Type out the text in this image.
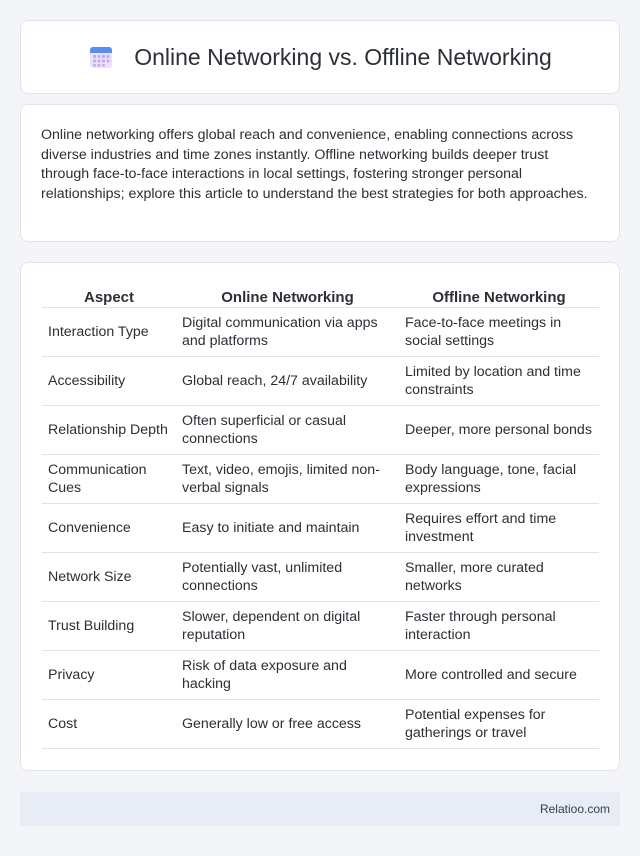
Online Networking vs. Offline Networking

Online networking offers global reach and convenience, enabling connections across diverse industries and time zones instantly. Offline networking builds deeper trust through face-to-face interactions in local settings, fostering stronger personal relationships; explore this article to understand the best strategies for both approaches.

Aspect	Online Networking	Offline Networking
Interaction Type	Digital communication via apps and platforms	Face-to-face meetings in social settings
Accessibility	Global reach, 24/7 availability	Limited by location and time constraints
Relationship Depth	Often superficial or casual connections	Deeper, more personal bonds
Communication Cues	Text, video, emojis, limited non-verbal signals	Body language, tone, facial expressions
Convenience	Easy to initiate and maintain	Requires effort and time investment
Network Size	Potentially vast, unlimited connections	Smaller, more curated networks
Trust Building	Slower, dependent on digital reputation	Faster through personal interaction
Privacy	Risk of data exposure and hacking	More controlled and secure
Cost	Generally low or free access	Potential expenses for gatherings or travel
Relatioo.com
